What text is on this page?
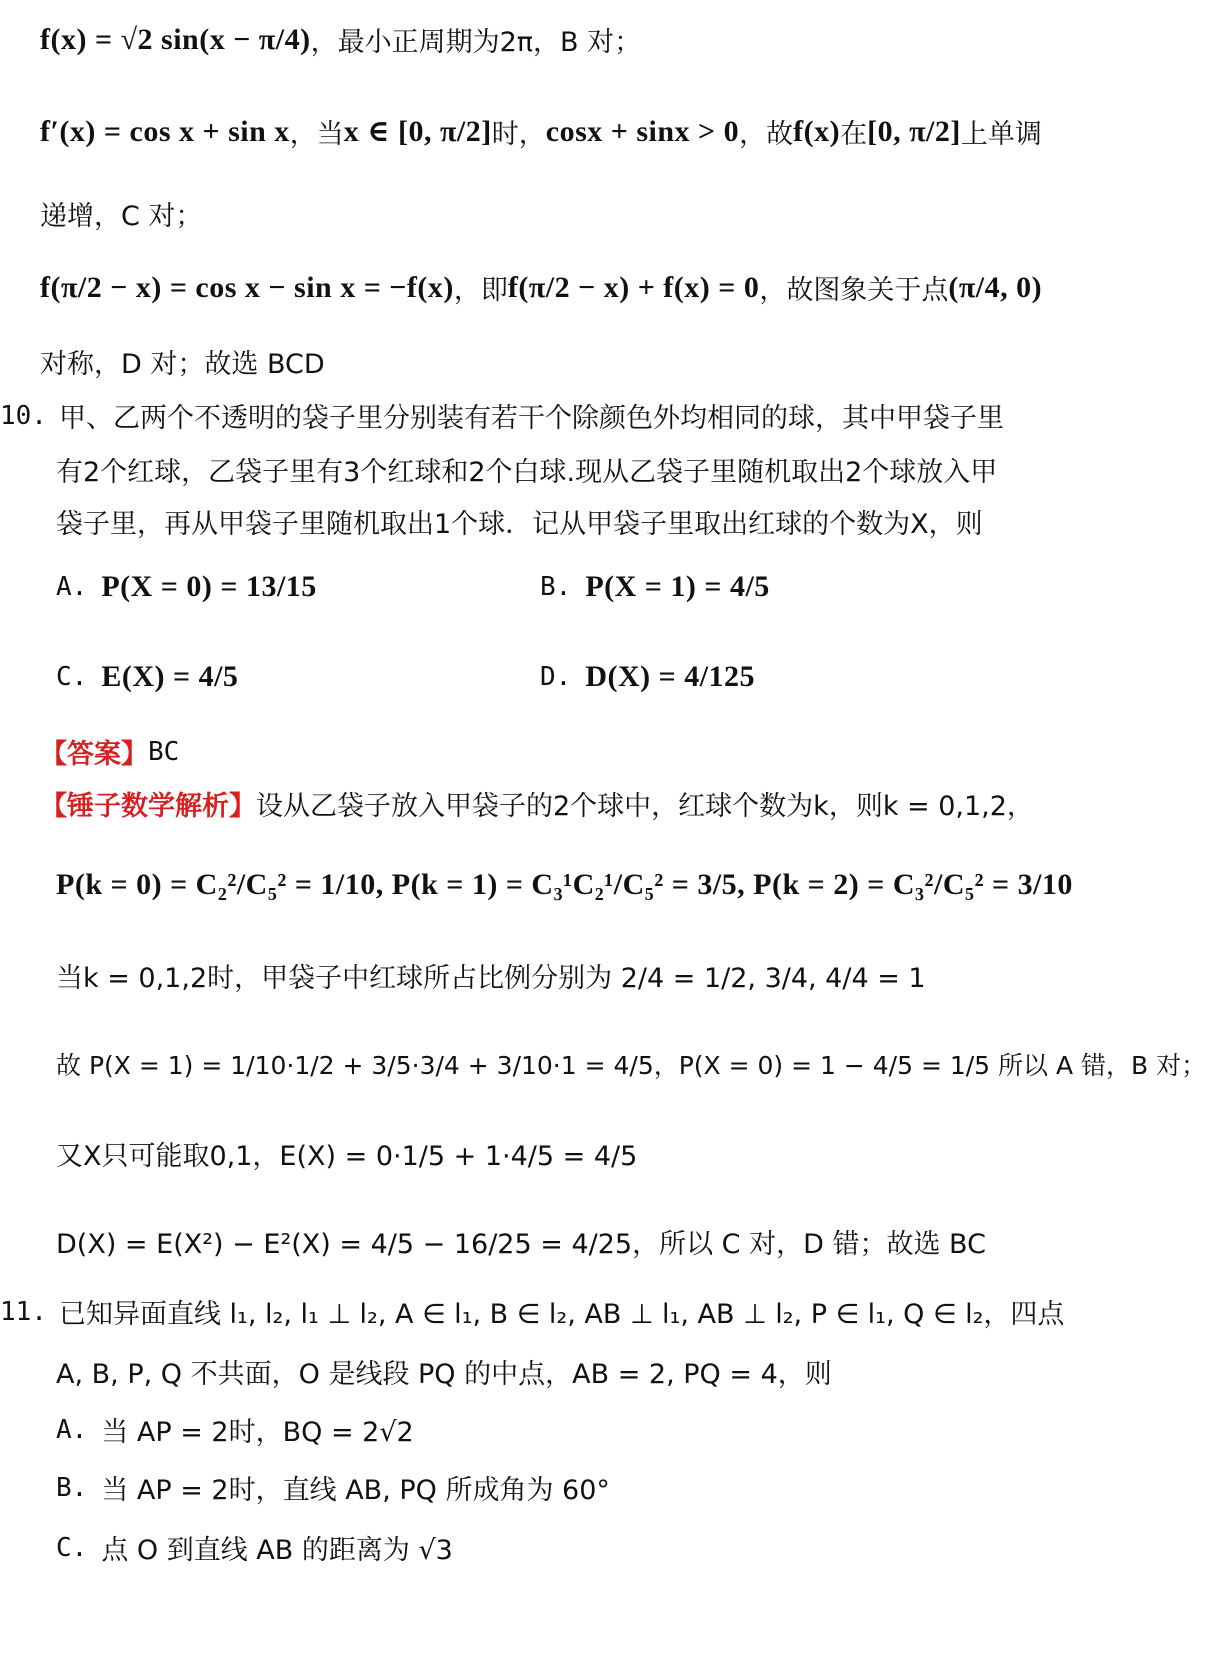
f(x) = √2 sin(x − π/4) ，最小正周期为2π，B 对；
f′(x) = cos x + sin x ，当 x ∈ [0, π/2] 时， cosx + sinx > 0 ，故 f(x) 在 [0, π/2] 上单调
递增，C 对；
f(π/2 − x) = cos x − sin x = −f(x) ，即 f(π/2 − x) + f(x) = 0 ，故图象关于点 (π/4, 0)
对称，D 对；故选 BCD
10. 甲、乙两个不透明的袋子里分别装有若干个除颜色外均相同的球，其中甲袋子里
有2个红球，乙袋子里有3个红球和2个白球.现从乙袋子里随机取出2个球放入甲
袋子里，再从甲袋子里随机取出1个球．记从甲袋子里取出红球的个数为X，则
A. P(X = 0) = 13/15	B. P(X = 1) = 4/5
C. E(X) = 4/5	D. D(X) = 4/125
【答案】 BC
【锤子数学解析】 设从乙袋子放入甲袋子的2个球中，红球个数为k，则k = 0,1,2，
P(k = 0) = C₂²/C₅² = 1/10, P(k = 1) = C₃¹C₂¹/C₅² = 3/5, P(k = 2) = C₃²/C₅² = 3/10
当k = 0,1,2时，甲袋子中红球所占比例分别为 2/4 = 1/2, 3/4, 4/4 = 1
故 P(X = 1) = 1/10·1/2 + 3/5·3/4 + 3/10·1 = 4/5，P(X = 0) = 1 − 4/5 = 1/5 所以 A 错，B 对；
又X只可能取0,1，E(X) = 0·1/5 + 1·4/5 = 4/5
D(X) = E(X²) − E²(X) = 4/5 − 16/25 = 4/25，所以 C 对，D 错；故选 BC
11. 已知异面直线 l₁, l₂, l₁ ⊥ l₂, A ∈ l₁, B ∈ l₂, AB ⊥ l₁, AB ⊥ l₂, P ∈ l₁, Q ∈ l₂，四点
A, B, P, Q 不共面，O 是线段 PQ 的中点，AB = 2, PQ = 4，则
A. 当 AP = 2时，BQ = 2√2
B. 当 AP = 2时，直线 AB, PQ 所成角为 60°
C. 点 O 到直线 AB 的距离为 √3
